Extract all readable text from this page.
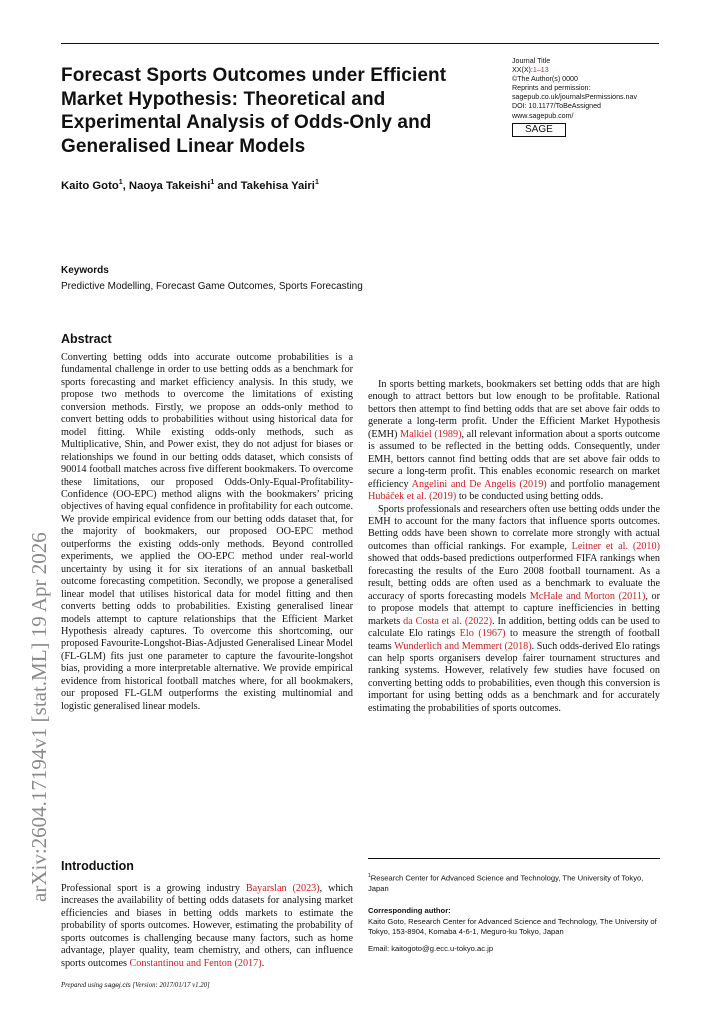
Forecast Sports Outcomes under Efficient Market Hypothesis: Theoretical and Experimental Analysis of Odds-Only and Generalised Linear Models
Kaito Goto$^1$, Naoya Takeishi$^1$ and Takehisa Yairi$^1$
Journal Title
XX(X):1–13
©The Author(s) 0000
Reprints and permission:
sagepub.co.uk/journalsPermissions.nav
DOI: 10.1177/ToBeAssigned
www.sagepub.com/
SAGE
arXiv:2604.17194v1 [stat.ML] 19 Apr 2026
Keywords
Predictive Modelling, Forecast Game Outcomes, Sports Forecasting
Abstract

Converting betting odds into accurate outcome probabilities is a fundamental challenge in order to use betting odds as a benchmark for sports forecasting and market efficiency analysis. In this study, we propose two methods to overcome the limitations of existing conversion methods. Firstly, we propose an odds-only method to convert betting odds to probabilities without using historical data for model fitting. While existing odds-only methods, such as Multiplicative, Shin, and Power exist, they do not adjust for biases or relationships we found in our betting odds dataset, which consists of 90014 football matches across five different bookmakers. To overcome these limitations, our proposed Odds-Only-Equal-Profitability-Confidence (OO-EPC) method aligns with the bookmakers’ pricing objectives of having equal confidence in profitability for each outcome. We provide empirical evidence from our betting odds dataset that, for the majority of bookmakers, our proposed OO-EPC method outperforms the existing odds-only methods. Beyond controlled experiments, we applied the OO-EPC method under real-world uncertainty by using it for six iterations of an annual basketball outcome forecasting competition. Secondly, we propose a generalised linear model that utilises historical data for model fitting and then converts betting odds to probabilities. Existing generalised linear models attempt to capture relationships that the Efficient Market Hypothesis already captures. To overcome this shortcoming, our proposed Favourite-Longshot-Bias-Adjusted Generalised Linear Model (FL-GLM) fits just one parameter to capture the favourite-longshot bias, providing a more interpretable alternative. We provide empirical evidence from historical football matches where, for all bookmakers, our proposed FL-GLM outperforms the existing multinomial and logistic generalised linear models.

Introduction

Professional sport is a growing industry Bayarslan (2023), which increases the availability of betting odds datasets for analysing market efficiencies and biases in betting odds markets to estimate the probability of sports outcomes. However, estimating the probability of sports outcomes is challenging because many factors, such as home advantage, player quality, team chemistry, and others, can influence sports outcomes Constantinou and Fenton (2017).

In sports betting markets, bookmakers set betting odds that are high enough to attract bettors but low enough to be profitable. Rational bettors then attempt to find betting odds that are set above fair odds to generate a long-term profit. Under the Efficient Market Hypothesis (EMH) Malkiel (1989), all relevant information about a sports outcome is assumed to be reflected in the betting odds. Consequently, under EMH, bettors cannot find betting odds that are set above fair odds to secure a long-term profit. This enables economic research on market efficiency Angelini and De Angelis (2019) and portfolio management Hubáček et al. (2019) to be conducted using betting odds.

Sports professionals and researchers often use betting odds under the EMH to account for the many factors that influence sports outcomes. Betting odds have been shown to correlate more strongly with actual outcomes than official rankings. For example, Leitner et al. (2010) showed that odds-based predictions outperformed FIFA rankings when forecasting the results of the Euro 2008 football tournament. As a result, betting odds are often used as a benchmark to evaluate the accuracy of sports forecasting models McHale and Morton (2011), or to propose models that attempt to capture inefficiencies in betting markets da Costa et al. (2022). In addition, betting odds can be used to calculate Elo ratings Elo (1967) to measure the strength of football teams Wunderlich and Memmert (2018). Such odds-derived Elo ratings can help sports organisers develop fairer tournament structures and ranking systems. However, relatively few studies have focused on converting betting odds to probabilities, even though this conversion is important for using betting odds as a benchmark and for accurately estimating the probabilities of sports outcomes.

$^1$Research Center for Advanced Science and Technology, The University of Tokyo, Japan
Corresponding author:
Kaito Goto, Research Center for Advanced Science and Technology, The University of Tokyo, 153-8904, Komaba 4-6-1, Meguro-ku Tokyo, Japan
Email: kaitogoto@g.ecc.u-tokyo.ac.jp
Prepared using sagej.cls [Version: 2017/01/17 v1.20]
